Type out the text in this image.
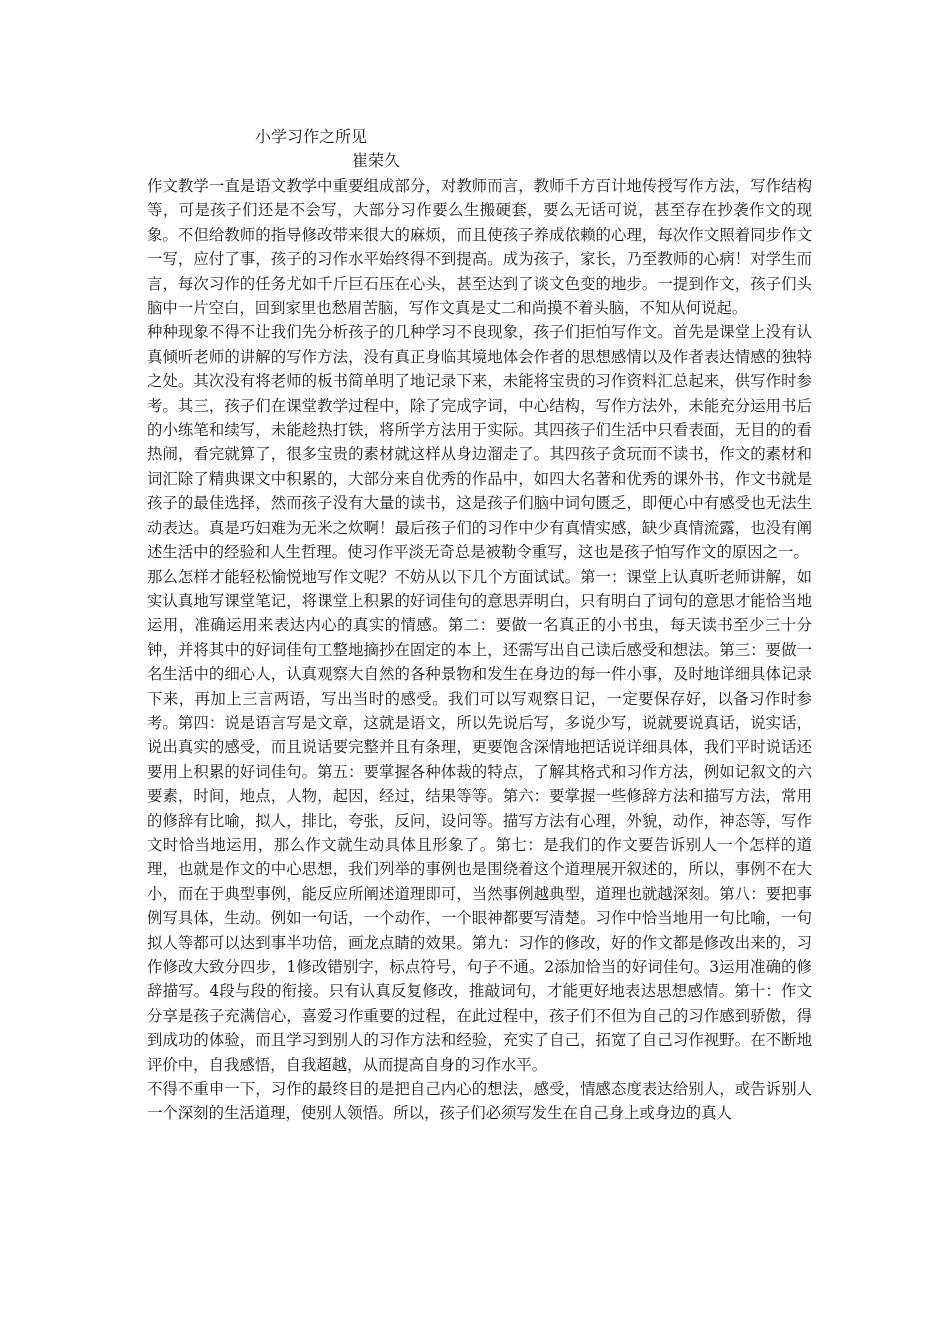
小学习作之所见
崔荣久

作文教学一直是语文教学中重要组成部分，对教师而言，教师千方百计地传授写作方法，写作结构等，可是孩子们还是不会写，大部分习作要么生搬硬套，要么无话可说，甚至存在抄袭作文的现象。不但给教师的指导修改带来很大的麻烦，而且使孩子养成依赖的心理，每次作文照着同步作文一写，应付了事，孩子的习作水平始终得不到提高。成为孩子，家长，乃至教师的心病！对学生而言，每次习作的任务尤如千斤巨石压在心头，甚至达到了谈文色变的地步。一提到作文，孩子们头脑中一片空白，回到家里也愁眉苦脑，写作文真是丈二和尚摸不着头脑，不知从何说起。

种种现象不得不让我们先分析孩子的几种学习不良现象，孩子们拒怕写作文。首先是课堂上没有认真倾听老师的讲解的写作方法，没有真正身临其境地体会作者的思想感情以及作者表达情感的独特之处。其次没有将老师的板书简单明了地记录下来，未能将宝贵的习作资料汇总起来，供写作时参考。其三，孩子们在课堂教学过程中，除了完成字词，中心结构，写作方法外，未能充分运用书后的小练笔和续写，未能趁热打铁，将所学方法用于实际。其四孩子们生活中只看表面，无目的的看热闹，看完就算了，很多宝贵的素材就这样从身边溜走了。其四孩子贪玩而不读书，作文的素材和词汇除了精典课文中积累的，大部分来自优秀的作品中，如四大名著和优秀的课外书，作文书就是孩子的最佳选择，然而孩子没有大量的读书，这是孩子们脑中词句匮乏，即便心中有感受也无法生动表达。真是巧妇难为无米之炊啊！最后孩子们的习作中少有真情实感，缺少真情流露，也没有阐述生活中的经验和人生哲理。使习作平淡无奇总是被勒令重写，这也是孩子怕写作文的原因之一。

那么怎样才能轻松愉悦地写作文呢？不妨从以下几个方面试试。第一：课堂上认真听老师讲解，如实认真地写课堂笔记，将课堂上积累的好词佳句的意思弄明白，只有明白了词句的意思才能恰当地运用，准确运用来表达内心的真实的情感。第二：要做一名真正的小书虫，每天读书至少三十分钟，并将其中的好词佳句工整地摘抄在固定的本上，还需写出自己读后感受和想法。第三：要做一名生活中的细心人，认真观察大自然的各种景物和发生在身边的每一件小事，及时地详细具体记录下来，再加上三言两语，写出当时的感受。我们可以写观察日记，一定要保存好，以备习作时参考。第四：说是语言写是文章，这就是语文，所以先说后写，多说少写，说就要说真话，说实话，说出真实的感受，而且说话要完整并且有条理，更要饱含深情地把话说详细具体，我们平时说话还要用上积累的好词佳句。第五：要掌握各种体裁的特点，了解其格式和习作方法，例如记叙文的六要素，时间，地点，人物，起因，经过，结果等等。第六：要掌握一些修辞方法和描写方法，常用的修辞有比喻，拟人，排比，夸张，反问，设问等。描写方法有心理，外貌，动作，神态等，写作文时恰当地运用，那么作文就生动具体且形象了。第七：是我们的作文要告诉别人一个怎样的道理，也就是作文的中心思想，我们列举的事例也是围绕着这个道理展开叙述的，所以，事例不在大小，而在于典型事例，能反应所阐述道理即可，当然事例越典型，道理也就越深刻。第八：要把事例写具体，生动。例如一句话，一个动作，一个眼神都要写清楚。习作中恰当地用一句比喻，一句拟人等都可以达到事半功倍，画龙点睛的效果。第九：习作的修改，好的作文都是修改出来的，习作修改大致分四步，1修改错别字，标点符号，句子不通。2添加恰当的好词佳句。3运用准确的修辞描写。4段与段的衔接。只有认真反复修改，推敲词句，才能更好地表达思想感情。第十：作文分享是孩子充满信心，喜爱习作重要的过程，在此过程中，孩子们不但为自己的习作感到骄傲，得到成功的体验，而且学习到别人的习作方法和经验，充实了自己，拓宽了自己习作视野。在不断地评价中，自我感悟，自我超越，从而提高自身的习作水平。

不得不重申一下，习作的最终目的是把自己内心的想法，感受，情感态度表达给别人，或告诉别人一个深刻的生活道理，使别人领悟。所以，孩子们必须写发生在自己身上或身边的真人
